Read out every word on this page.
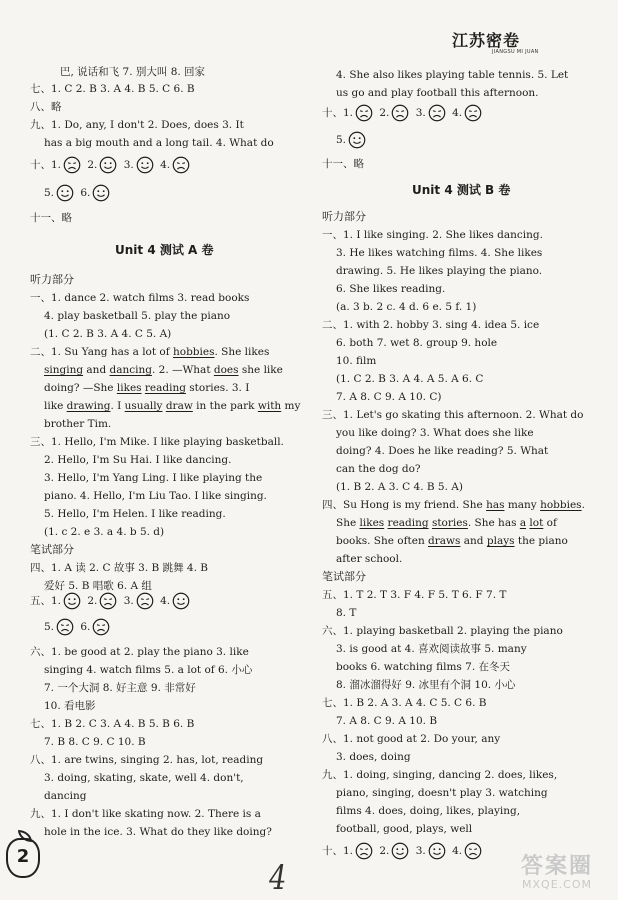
江苏密卷
JIANGSU MI JUAN
巴, 说话和飞 7. 别大叫 8. 回家
七、1. C 2. B 3. A 4. B 5. C 6. B
八、略
九、1. Do, any, I don't 2. Does, does 3. It
has a big mouth and a long tail. 4. What do
十、1.	2.	3.	4.
5.	6.
十一、略
Unit 4 测试 A 卷
听力部分
一、1. dance 2. watch films 3. read books
4. play basketball 5. play the piano
(1. C 2. B 3. A 4. C 5. A)
二、1. Su Yang has a lot of hobbies. She likes
singing and dancing. 2. —What does she like
doing? —She likes reading stories. 3. I
like drawing. I usually draw in the park with my
brother Tim.
三、1. Hello, I'm Mike. I like playing basketball.
2. Hello, I'm Su Hai. I like dancing.
3. Hello, I'm Yang Ling. I like playing the
piano. 4. Hello, I'm Liu Tao. I like singing.
5. Hello, I'm Helen. I like reading.
(1. c 2. e 3. a 4. b 5. d)
笔试部分
四、1. A 读 2. C 故事 3. B 跳舞 4. B
爱好 5. B 唱歌 6. A 组
五、1.	2.	3.	4.
5.	6.
六、1. be good at 2. play the piano 3. like
singing 4. watch films 5. a lot of 6. 小心
7. 一个大洞 8. 好主意 9. 非常好
10. 看电影
七、1. B 2. C 3. A 4. B 5. B 6. B
7. B 8. C 9. C 10. B
八、1. are twins, singing 2. has, lot, reading
3. doing, skating, skate, well 4. don't,
dancing
九、1. I don't like skating now. 2. There is a
hole in the ice. 3. What do they like doing?
4. She also likes playing table tennis. 5. Let
us go and play football this afternoon.
十、1.	2.	3.	4.
5.
十一、略
Unit 4 测试 B 卷
听力部分
一、1. I like singing. 2. She likes dancing.
3. He likes watching films. 4. She likes
drawing. 5. He likes playing the piano.
6. She likes reading.
(a. 3 b. 2 c. 4 d. 6 e. 5 f. 1)
二、1. with 2. hobby 3. sing 4. idea 5. ice
6. both 7. wet 8. group 9. hole
10. film
(1. C 2. B 3. A 4. A 5. A 6. C
7. A 8. C 9. A 10. C)
三、1. Let's go skating this afternoon. 2. What do
you like doing? 3. What does she like
doing? 4. Does he like reading? 5. What
can the dog do?
(1. B 2. A 3. C 4. B 5. A)
四、Su Hong is my friend. She has many hobbies.
She likes reading stories. She has a lot of
books. She often draws and plays the piano
after school.
笔试部分
五、1. T 2. T 3. F 4. F 5. T 6. F 7. T
8. T
六、1. playing basketball 2. playing the piano
3. is good at 4. 喜欢阅读故事 5. many
books 6. watching films 7. 在冬天
8. 溜冰溜得好 9. 冰里有个洞 10. 小心
七、1. B 2. A 3. A 4. C 5. C 6. B
7. A 8. C 9. A 10. B
八、1. not good at 2. Do your, any
3. does, doing
九、1. doing, singing, dancing 2. does, likes,
piano, singing, doesn't play 3. watching
films 4. does, doing, likes, playing,
football, good, plays, well
十、1.	2.	3.	4.
2
4	答案圈
MXQE.COM
